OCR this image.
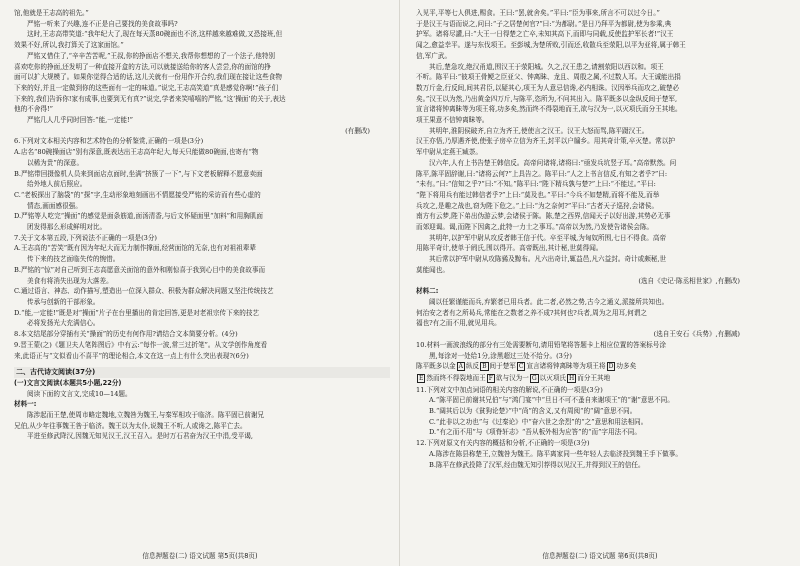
馆,他就是王志高的祖先。”
严铭一听来了兴趣,连不正是自己要找的美食故事吗?
这时,王志高带笑道:“我年纪大了,现在每天蒸80碗面也不济,这样越来越难做,又恐接班,但
效果不好,所以,我打算关了这家面馆。”
严铭又惜住了,“辛辛苦苦呢,”王叔,你的挣面店不想关,我帮你想想的了一个法子,他特别
喜欢吃你的挣面,还发明了一种直接开盒的方法,可以就接送给你的客人尝尝,你的面馆的挣
面可以扩大规模了。如果你觉得合适的话,这儿关就有一份用作开合约,我们现在接让这些食物
下来的好,并且一定做到你的这些面有一定的味道。”说完,王志高笑道“真是感觉你啊!”孩子们
下来的,我们告诉你!家有成事,也要到无有真?”说完,学者来笑嘻嘻的严铭,“这‘操面’的关于,表达
他的不舍得!”
严铭几人几乎同时回答:“能,一定能!”
(有删改)
6.下列对文本相关内容和艺术特色的分析鉴赏,正确的一项是(3分)
A.店名“80碗操面店”别有深意,既表达出王志高年纪大,每天只能做80碗面,也寄有“物
以稀为贵”的深意。
B.严铭带回摄像机人员来到面店点面时,坐满“挤簇了一下”,与下文老板解释不愿意卖面
给外地人前后照应。
C.“老板探出了脑袋”的“探”字,生动形象地刻画出不情愿接受严铭的采访而有些心虚的
情态,画面感很强。
D.严铭等人吃完“操面”的感觉是面条筋道,面汤清香,与后文怀疑面里“加料”和用胸肌面
团发得那么形成鲜明对比。
7.关于文本第五段,下列说法不正确的一项是(3分)
A.王志高的“苦笑”既有因为年纪大而无力制作撑面,经营面馆的无奈,也有对祖祖辈辈
传下来的技艺面临失传的惋惜。
B.严铭的“惊”对自己听到王志高愿意关面馆的意外和刚惊喜于我到心目中的美食故事而
美食有将消失出现为大落差。
C.通过语言、神态、动作描写,塑造出一位深入群众、积极为群众解决问题又坚注传统技艺
传承与创新的干部形象。
D.“能,一定能!”既是对“操面”片子在台里播出的肯定回答,更是对老祖宗传下来的技艺
必将发扬光大充满信心。
8.本文结尾部分穿插有关“操面”的历史有何作用?请结合文本简要分析。(4分)
9.晋王蒙(之)《題卫夫人笔阵图后》中有云:“每作一波,常三过折笔”。从文学创作角度看
来,此语正与“文似看山不喜平”的理论相合,本文在这一点上有什么突出表现?(6分)
二、古代诗文阅读(37分)
(一)文言文阅读(本题共5小题,22分)
阅读下面的文言文,完成10—14题。
材料一:
陈涉起而王楚,使周市略定魏地,立魏咎为魏王,与秦军相攻于临济。陈平固已前谢兄
兄伯,从少年往事魏王咎于临济。魏王以为太仆,说魏王不听,人或谗之,陈平亡去。
平进至修武降汉,因魏无知见汉王,汉王召入。是时万石君奋为汉王中涓,受平谒,
信息押题卷(二) 语文试题 第5页(共8页)
入见平,平等七人俱进,赐食。王曰:“罢,就舍矣。”平曰:“臣为事来,所言不可以过今日。”
于是汉王与语而说之,问曰:“子之居楚何官?”曰:“为都尉。”是日乃拜平为都尉,使为参乘,典
护军。诸将尽讙,曰:“大王一日得楚之亡卒,未知其高下,而即与同载,反使监护军长者!”汉王
闻之,愈益幸平。遂与东伐项王。至彭城,为楚所败,引而还,收散兵至荥阳,以平为亚将,属于韩王
信,军广武。
其后,楚急攻,绝汉甬道,围汉王于荥阳城。久之,汉王患之,请割荥阳以西以和。项王
不听。陈平曰:“彼项王骨鲠之臣亚父、钟离眛、龙且、周殷之属,不过数人耳。大王诚能出捐
数万斤金,行反间,间其君臣,以疑其心,项王为人意忌信谗,必内相诛。汉因举兵而攻之,破楚必
矣。”汉王以为然,乃出黄金四万斤,与陈平,恣所为,不问其出入。陈平既多以金纵反间于楚军,
宣言诸将钟离眛等为项王将,功多矣,然而终不得裂地而王,欲与汉为一,以灭项氏而分王其地。
项王果意不信钟离眛等。
其明年,淮阴侯破齐,自立为齐王,使使言之汉王。汉王大怒而骂,陈平蹑汉王。
汉王亦悟,乃厚遇齐使,使张子房卒立信为齐王,封平以户牖乡。用其奇计策,卒灭楚。常以护
军中尉从定燕王臧荼。
汉六年,人有上书告楚王韩信反。高帝问诸将,诸将曰:“亟发兵坑竖子耳。”高帝默然。问
陈平,陈平固辞谢,曰:“诸将云何?”上具告之。陈平曰:“人之上书言信反,有知之者乎?”曰:
“未有。”曰:“信知之乎?”曰:“不知。”陈平曰:“陛下精兵孰与楚?”上曰:“不能过。”平曰:
“陛下将用兵有能过韩信者乎?”上曰:“莫及也。”平曰:“今兵不如楚精,而将不能及,而举
兵攻之,是趣之战也,窃为陛下危之。”上曰:“为之奈何?”平曰:“古者天子巡狩,会诸侯。
南方有云梦,陛下弟出伪游云梦,会诸侯于陈。陈,楚之西界,信闻天子以好出游,其势必无事
而郊迎谒。谒,而陛下因禽之,此特一力士之事耳。”高帝以为然,乃发使告诸侯会陈。
其明年,以护军中尉从攻反者韩王信于代。卒至平城,为匈奴所围,七日不得食。高帝
用陈平奇计,使单于阏氏,围以得开。高帝既出,其计秘,世莫得闻。
其后常以护军中尉从攻陈豨及黥布。凡六出奇计,辄益邑,凡六益封。奇计或颇秘,世
莫能闻也。
(选自《史记·陈丞相世家》,有删改)
材料二:
阔以任繁谨能而兵,弃繁者已用兵者。此二者,必然之势,古今之通义,派接所共知也。
何治安之者有之所曷兵,常能在之数者之养不成?其何也?兵者,周为之用耳,何谓之
福也?有之而不用,就见用兵。
(选自王安石《兵势》,有删减)
10.材料一画波浪线的部分有三处需要断句,请用铅笔将答题卡上相应位置的答案标号涂
黑,每涂对一处给1分,涂黑超过三处不给分。(3分)
陈平既多以金 A 纵反 B 间于楚军 C 宣言诸将钟离眛等为项王将 D 功多矣
E 然而终不得裂地而王 F 欲与汉为一 G 以灭项氏 H 而分王其地
11.下列对文中加点词语的相关内容的解说,不正确的一项是(3分)
A.“陈平固已前谢其兄伯”与“鸿门宴”中“旦日不可不蚤自来谢项王”的“谢”意思不同。
B.“阔其后以为《貧狗论楚》”中“尚”的含义,又有周阅“的“阔”意思不同。
C.“此非以之功也”与《过秦论》中“奋六世之余烈”的“之”意思和用法相同。
D.“有之而不用”与《项脊轩志》“吾从板外相为应答”的“而”字用法不同。
12.下列对原文有关内容的概括和分析,不正确的一项是(3分)
A.陈涉在陈县称楚王,立魏咎为魏王。陈平离家同一些年轻人去临济投到魏王手下做事。
B.陈平在修武投降了汉军,经由魏无知引荐得以见汉王,并得到汉王的信任。
信息押题卷(二) 语文试题 第6页(共8页)
